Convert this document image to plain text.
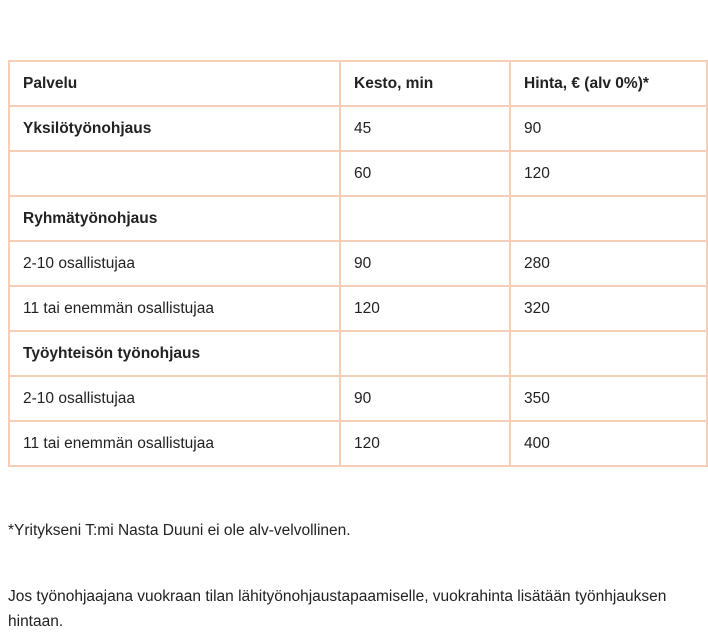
Palvelu	Kesto, min	Hinta, € (alv 0%)*
Yksilötyönohjaus	45	90
	60	120
Ryhmätyönohjaus		
2-10 osallistujaa	90	280
11 tai enemmän osallistujaa	120	320
Työyhteisön työnohjaus		
2-10 osallistujaa	90	350
11 tai enemmän osallistujaa	120	400

*Yritykseni T:mi Nasta Duuni ei ole alv-velvollinen.

Jos työnohjaajana vuokraan tilan lähityönohjaustapaamiselle, vuokrahinta lisätään työnhjauksen hintaan.
